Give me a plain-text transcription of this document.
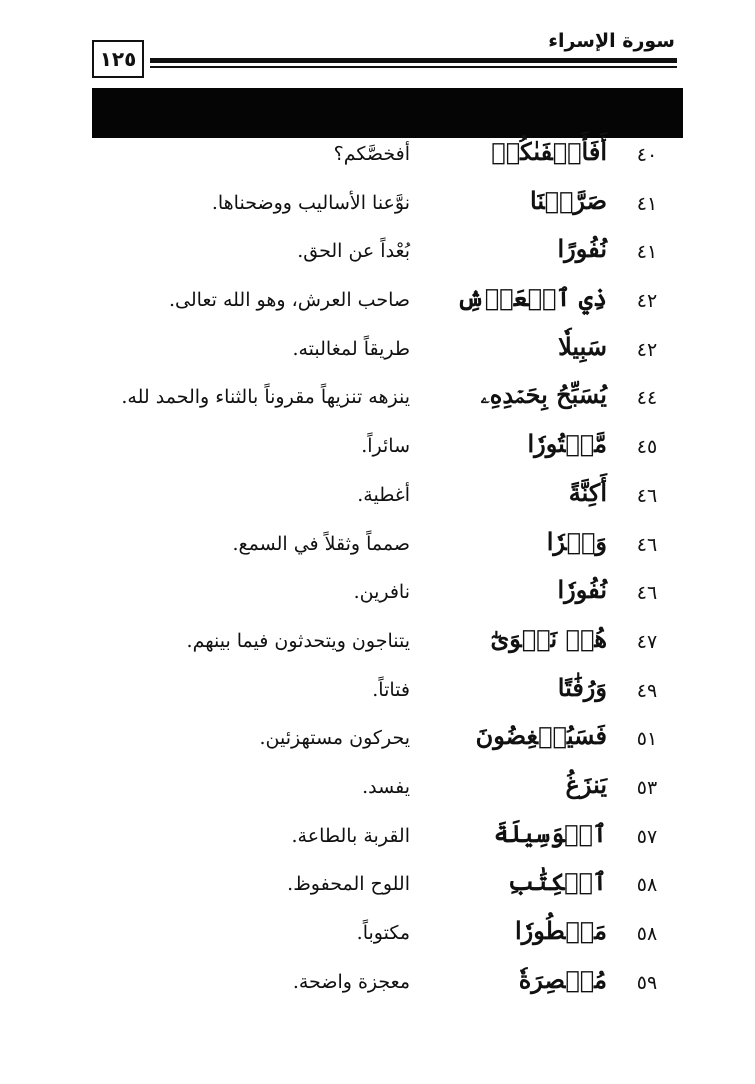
سورة الإسراء
١٢٥
٤٠
أَفَأَصۡفَىٰكُمۡ
أفخصَّكم؟
٤١
صَرَّفۡنَا
نوَّعنا الأساليب ووضحناها.
٤١
نُفُورًا
بُعْداً عن الحق.
٤٢
ذِي ٱلۡعَرۡشِ
صاحب العرش، وهو الله تعالى.
٤٢
سَبِيلٗا
طريقاً لمغالبته.
٤٤
يُسَبِّحُ بِحَمۡدِهِۦ
ينزهه تنزيهاً مقروناً بالثناء والحمد لله.
٤٥
مَّسۡتُورٗا
سائراً.
٤٦
أَكِنَّةً
أغطية.
٤٦
وَقۡرٗا
صمماً وثقلاً في السمع.
٤٦
نُفُورٗا
نافرين.
٤٧
هُمۡ نَجۡوَىٰٓ
يتناجون ويتحدثون فيما بينهم.
٤٩
وَرُفَٰتًا
فتاتاً.
٥١
فَسَيُنۡغِضُونَ
يحركون مستهزئين.
٥٣
يَنزَغُ
يفسد.
٥٧
ٱلۡوَسِيلَةَ
القربة بالطاعة.
٥٨
ٱلۡكِتَٰبِ
اللوح المحفوظ.
٥٨
مَسۡطُورٗا
مكتوباً.
٥٩
مُبۡصِرَةٗ
معجزة واضحة.
